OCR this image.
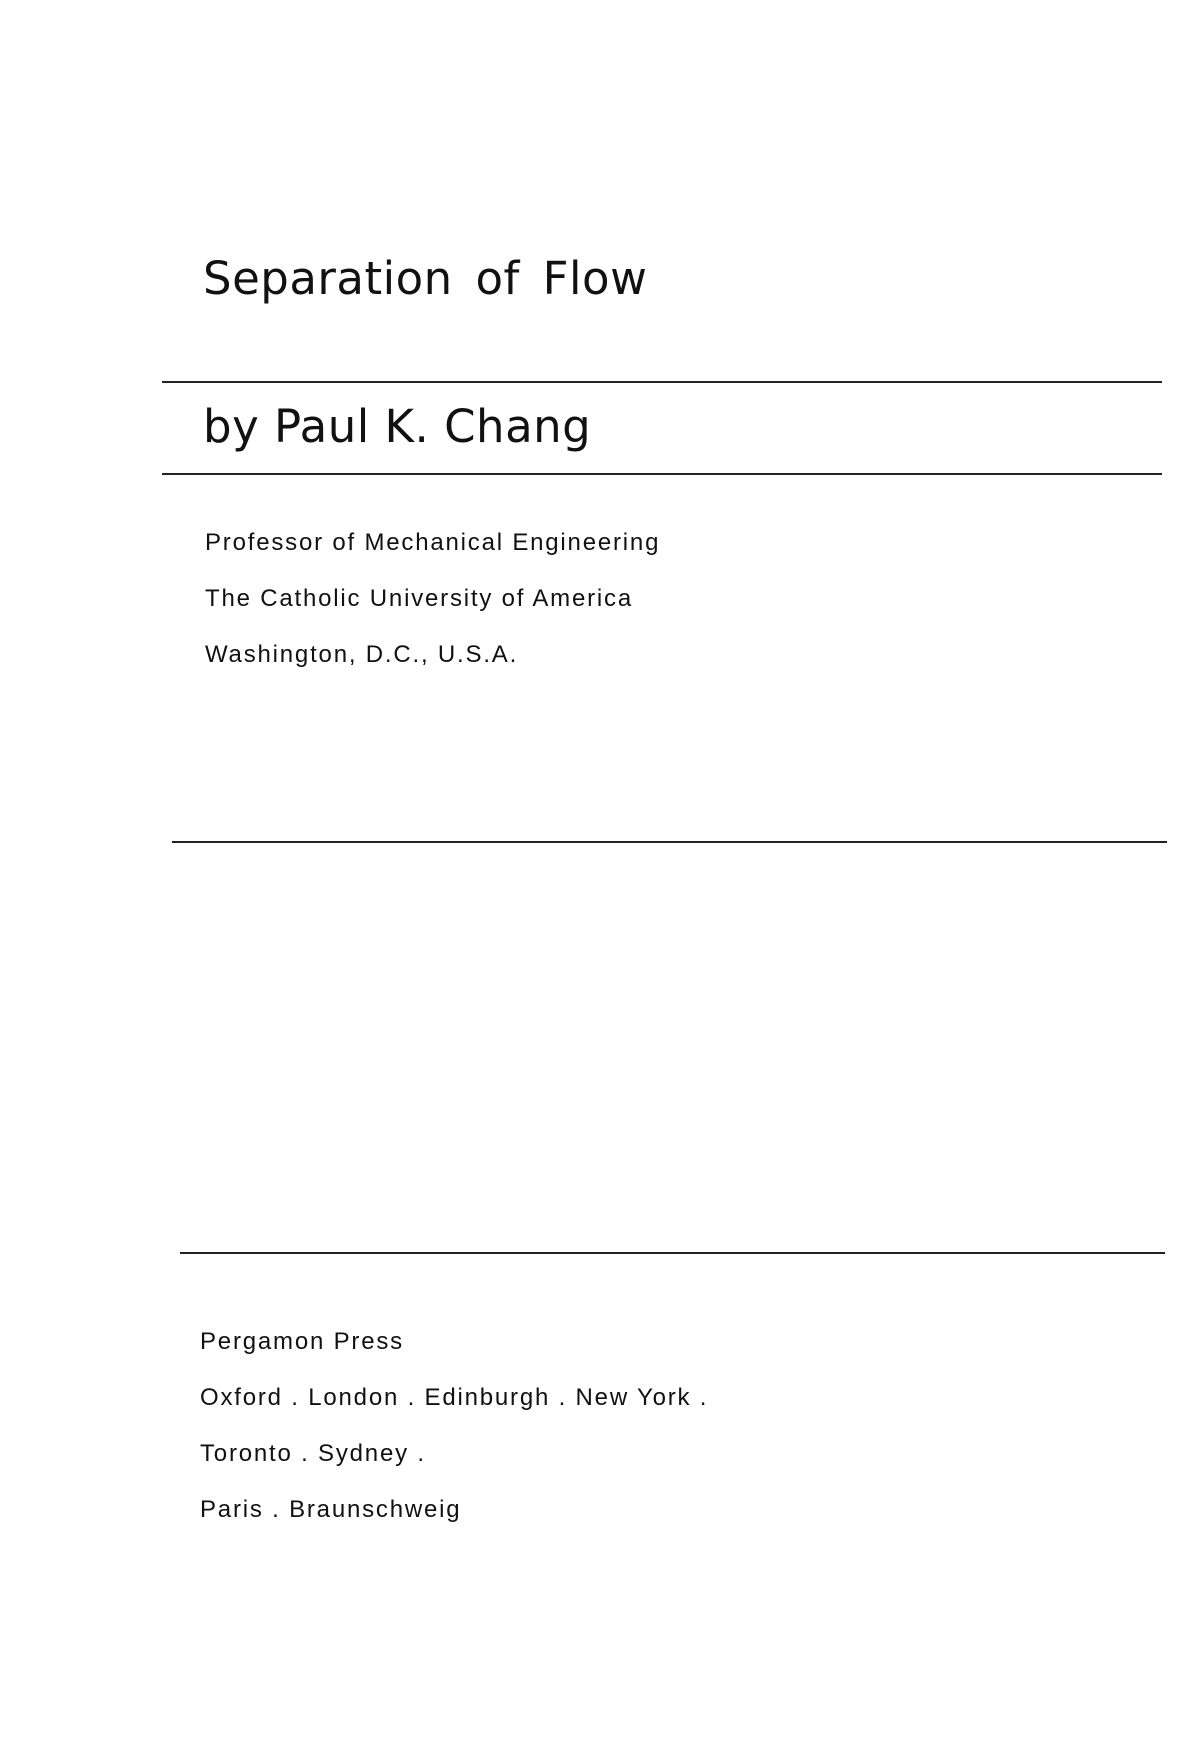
Separation of Flow
by Paul K. Chang
Professor of Mechanical Engineering
The Catholic University of America
Washington, D.C., U.S.A.
Pergamon Press
Oxford . London . Edinburgh . New York .
Toronto . Sydney .
Paris . Braunschweig
